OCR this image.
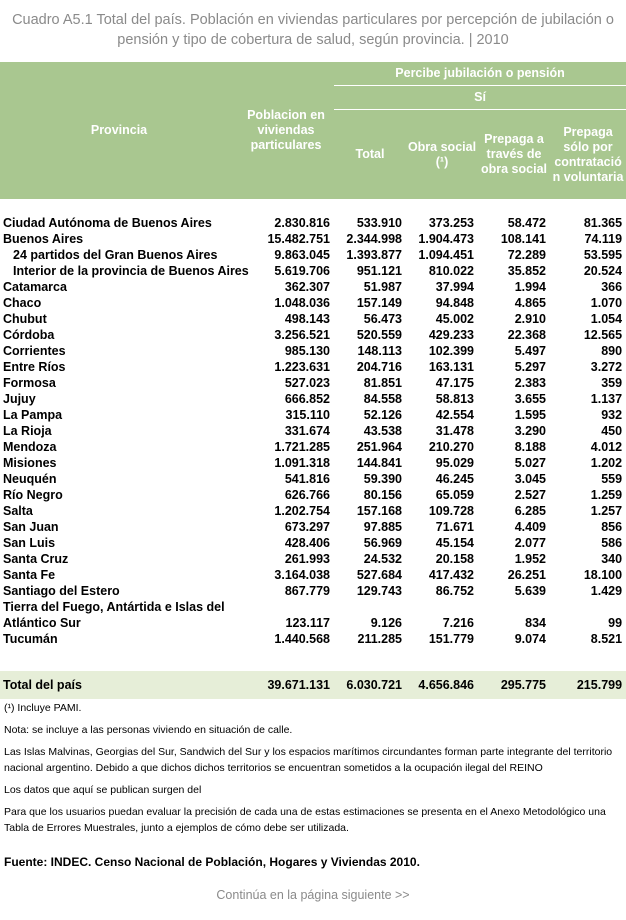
Cuadro A5.1 Total del país. Población en viviendas particulares por percepción de jubilación o
pensión y tipo de cobertura de salud, según provincia. | 2010
Provincia	Poblacion en viviendas particulares	Percibe jubilación o pensión			
		Sí			
		Total	Obra social (¹)	Prepaga a través de obra social	Prepaga sólo por contratació n voluntaria

Ciudad Autónoma de Buenos Aires	2.830.816	533.910	373.253	58.472	81.365
Buenos Aires	15.482.751	2.344.998	1.904.473	108.141	74.119
24 partidos del Gran Buenos Aires	9.863.045	1.393.877	1.094.451	72.289	53.595
Interior de la provincia de Buenos Aires	5.619.706	951.121	810.022	35.852	20.524
Catamarca	362.307	51.987	37.994	1.994	366
Chaco	1.048.036	157.149	94.848	4.865	1.070
Chubut	498.143	56.473	45.002	2.910	1.054
Córdoba	3.256.521	520.559	429.233	22.368	12.565
Corrientes	985.130	148.113	102.399	5.497	890
Entre Ríos	1.223.631	204.716	163.131	5.297	3.272
Formosa	527.023	81.851	47.175	2.383	359
Jujuy	666.852	84.558	58.813	3.655	1.137
La Pampa	315.110	52.126	42.554	1.595	932
La Rioja	331.674	43.538	31.478	3.290	450
Mendoza	1.721.285	251.964	210.270	8.188	4.012
Misiones	1.091.318	144.841	95.029	5.027	1.202
Neuquén	541.816	59.390	46.245	3.045	559
Río Negro	626.766	80.156	65.059	2.527	1.259
Salta	1.202.754	157.168	109.728	6.285	1.257
San Juan	673.297	97.885	71.671	4.409	856
San Luis	428.406	56.969	45.154	2.077	586
Santa Cruz	261.993	24.532	20.158	1.952	340
Santa Fe	3.164.038	527.684	417.432	26.251	18.100
Santiago del Estero	867.779	129.743	86.752	5.639	1.429
Tierra del Fuego, Antártida e Islas del Atlántico Sur	123.117	9.126	7.216	834	99
Tucumán	1.440.568	211.285	151.779	9.074	8.521

Total del país	39.671.131	6.030.721	4.656.846	295.775	215.799

(¹) Incluye PAMI.

Nota: se incluye a las personas viviendo en situación de calle.

Las Islas Malvinas, Georgias del Sur, Sandwich del Sur y los espacios marítimos circundantes forman parte integrante del territorio nacional argentino. Debido a que dichos dichos territorios se encuentran sometidos a la ocupación ilegal del REINO

Los datos que aquí se publican surgen del

Para que los usuarios puedan evaluar la precisión de cada una de estas estimaciones se presenta en el Anexo Metodológico una Tabla de Errores Muestrales, junto a ejemplos de cómo debe ser utilizada.

Fuente: INDEC. Censo Nacional de Población, Hogares y Viviendas 2010.
Continúa en la página siguiente >>
